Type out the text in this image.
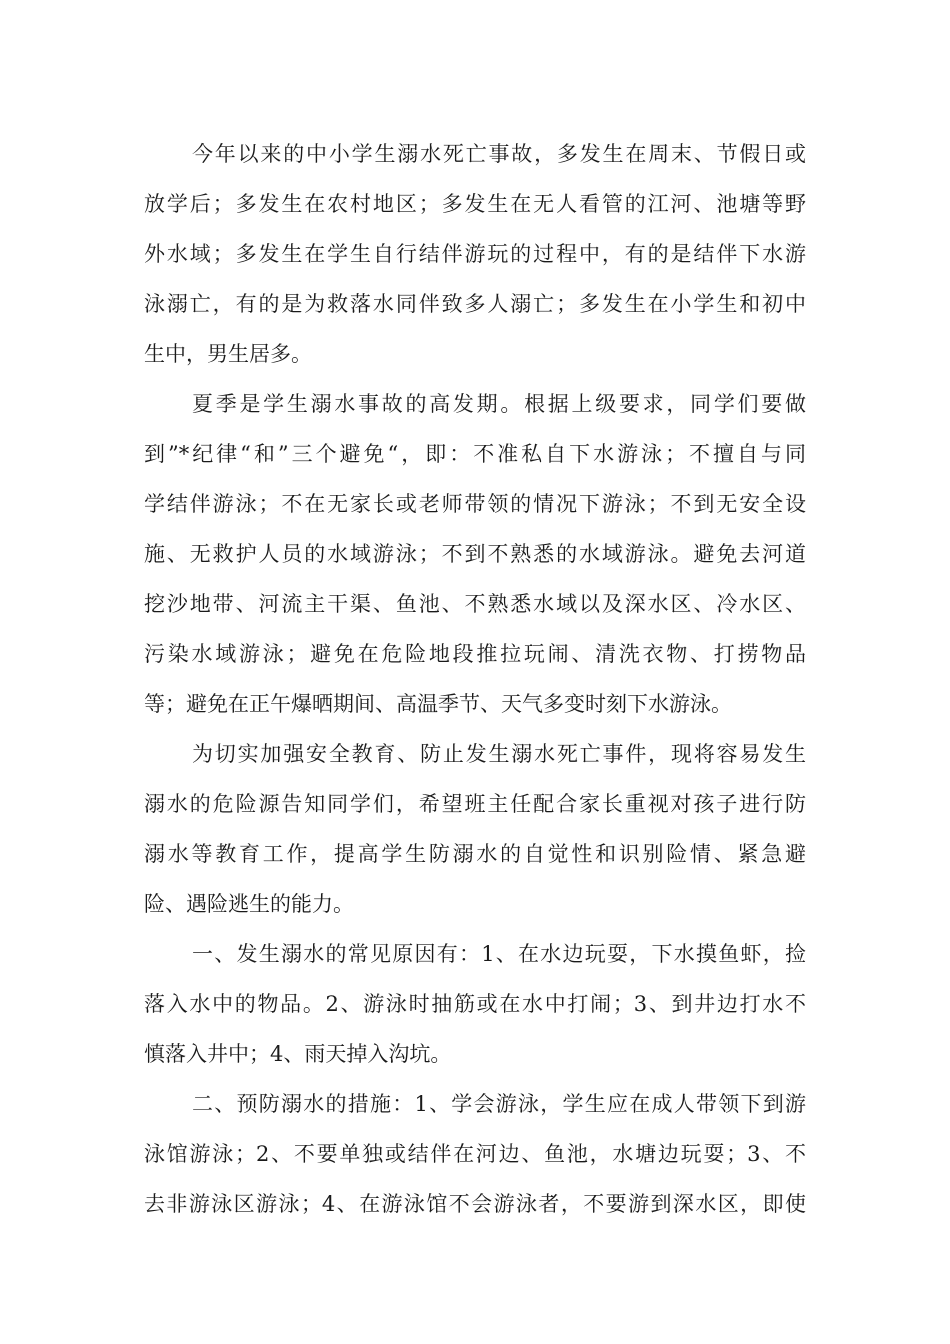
今年以来的中小学生溺水死亡事故，多发生在周末、节假日或
放学后；多发生在农村地区；多发生在无人看管的江河、池塘等野
外水域；多发生在学生自行结伴游玩的过程中，有的是结伴下水游
泳溺亡，有的是为救落水同伴致多人溺亡；多发生在小学生和初中
生中，男生居多。
夏季是学生溺水事故的高发期。根据上级要求，同学们要做
到”*纪律“和”三个避免“，即：不准私自下水游泳；不擅自与同
学结伴游泳；不在无家长或老师带领的情况下游泳；不到无安全设
施、无救护人员的水域游泳；不到不熟悉的水域游泳。避免去河道
挖沙地带、河流主干渠、鱼池、不熟悉水域以及深水区、冷水区、
污染水域游泳；避免在危险地段推拉玩闹、清洗衣物、打捞物品
等；避免在正午爆晒期间、高温季节、天气多变时刻下水游泳。
为切实加强安全教育、防止发生溺水死亡事件，现将容易发生
溺水的危险源告知同学们，希望班主任配合家长重视对孩子进行防
溺水等教育工作，提高学生防溺水的自觉性和识别险情、紧急避
险、遇险逃生的能力。
一、发生溺水的常见原因有：1、在水边玩耍，下水摸鱼虾，捡
落入水中的物品。2、游泳时抽筋或在水中打闹；3、到井边打水不
慎落入井中；4、雨天掉入沟坑。
二、预防溺水的措施：1、学会游泳，学生应在成人带领下到游
泳馆游泳；2、不要单独或结伴在河边、鱼池，水塘边玩耍；3、不
去非游泳区游泳；4、在游泳馆不会游泳者，不要游到深水区，即使
